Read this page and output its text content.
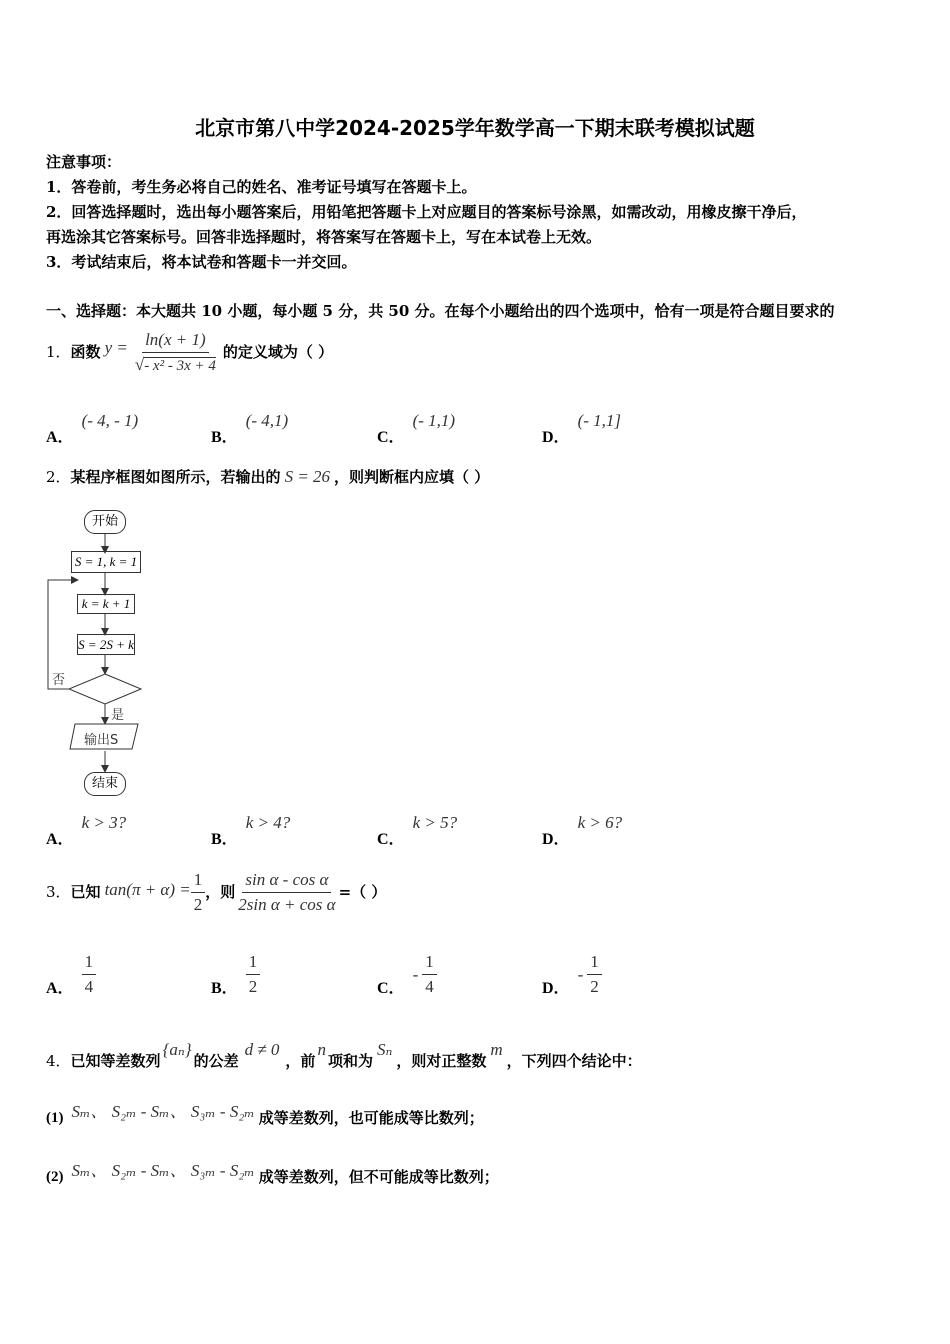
北京市第八中学2024-2025学年数学高一下期末联考模拟试题
注意事项：
1．答卷前，考生务必将自己的姓名、准考证号填写在答题卡上。
2．回答选择题时，选出每小题答案后，用铅笔把答题卡上对应题目的答案标号涂黑，如需改动，用橡皮擦干净后，
再选涂其它答案标号。回答非选择题时，将答案写在答题卡上，写在本试卷上无效。
3．考试结束后，将本试卷和答题卡一并交回。
一、选择题：本大题共 10 小题，每小题 5 分，共 50 分。在每个小题给出的四个选项中，恰有一项是符合题目要求的
1． 函数 $y = \frac{\ln(x + 1)}{\text{√- x² - 3x + 4}}$ 的定义域为（ ）
A．(- 4, - 1)
B．(- 4,1)
C．(- 1,1)
D．(- 1,1]
2． 某程序框图如图所示，若输出的 S = 26 ，则判断框内应填（ ）
开始
S = 1, k = 1
k = k + 1
S = 2S + k
否
是
输出S
结束
A．k > 3?
B．k > 4?
C．k > 5?
D．k > 6?
3． 已知 $\tan(\pi + \alpha) = \frac{1}{2}$ ，则 $\frac{\text{sin α - cos α}}{\text{2sin α + cos α}}$ =（ ）
A． $\frac{1}{4}$	B． $\frac{1}{2}$	C．
- $\frac{1}{4}$	D．
- $\frac{1}{2}$
4． 已知等差数列
{aₙ}
的公差
d ≠ 0
，前
n
项和为
Sₙ
，则对正整数
m
，下列四个结论中：
(1) Sₘ、 S₂ₘ - Sₘ、 S₃ₘ - S₂ₘ 成等差数列，也可能成等比数列；
(2) Sₘ、 S₂ₘ - Sₘ、 S₃ₘ - S₂ₘ 成等差数列，但不可能成等比数列；
